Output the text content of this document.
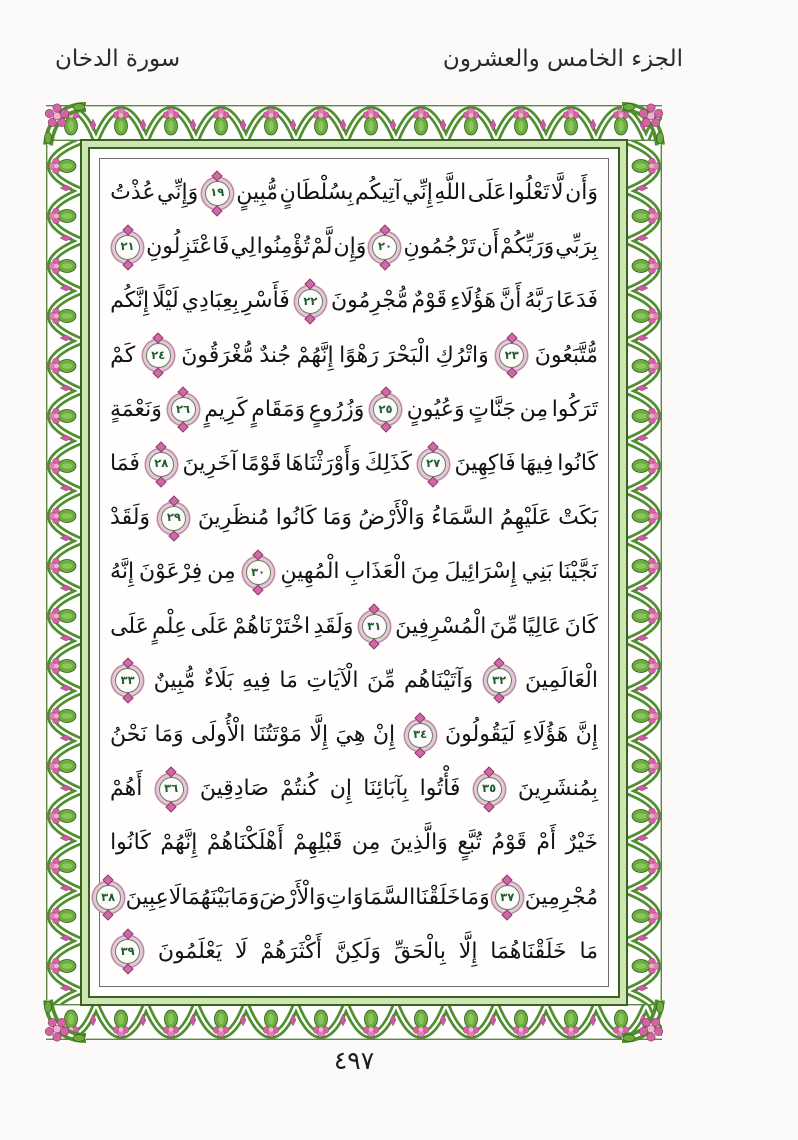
الجزء الخامس والعشرون
سورة الدخان
وَأَن
لَّا
تَعْلُوا
عَلَى
اللَّهِ
إِنِّي
آتِيكُم
بِسُلْطَانٍ
مُّبِينٍ
١٩
وَإِنِّي
عُذْتُ
بِرَبِّي
وَرَبِّكُمْ
أَن
تَرْجُمُونِ
٢٠
وَإِن
لَّمْ
تُؤْمِنُوا
لِي
فَاعْتَزِلُونِ
٢١
فَدَعَا
رَبَّهُ
أَنَّ
هَؤُلَاءِ
قَوْمٌ
مُّجْرِمُونَ
٢٢
فَأَسْرِ
بِعِبَادِي
لَيْلًا
إِنَّكُم
مُّتَّبَعُونَ
٢٣
وَاتْرُكِ
الْبَحْرَ
رَهْوًا
إِنَّهُمْ
جُندٌ
مُّغْرَقُونَ
٢٤
كَمْ
تَرَكُوا
مِن
جَنَّاتٍ
وَعُيُونٍ
٢٥
وَزُرُوعٍ
وَمَقَامٍ
كَرِيمٍ
٢٦
وَنَعْمَةٍ
كَانُوا
فِيهَا
فَاكِهِينَ
٢٧
كَذَلِكَ
وَأَوْرَثْنَاهَا
قَوْمًا
آخَرِينَ
٢٨
فَمَا
بَكَتْ
عَلَيْهِمُ
السَّمَاءُ
وَالْأَرْضُ
وَمَا
كَانُوا
مُنظَرِينَ
٢٩
وَلَقَدْ
نَجَّيْنَا
بَنِي
إِسْرَائِيلَ
مِنَ
الْعَذَابِ
الْمُهِينِ
٣٠
مِن
فِرْعَوْنَ
إِنَّهُ
كَانَ
عَالِيًا
مِّنَ
الْمُسْرِفِينَ
٣١
وَلَقَدِ
اخْتَرْنَاهُمْ
عَلَى
عِلْمٍ
عَلَى
الْعَالَمِينَ
٣٢
وَآتَيْنَاهُم
مِّنَ
الْآيَاتِ
مَا
فِيهِ
بَلَاءٌ
مُّبِينٌ
٣٣
إِنَّ
هَؤُلَاءِ
لَيَقُولُونَ
٣٤
إِنْ
هِيَ
إِلَّا
مَوْتَتُنَا
الْأُولَى
وَمَا
نَحْنُ
بِمُنشَرِينَ
٣٥
فَأْتُوا
بِآبَائِنَا
إِن
كُنتُمْ
صَادِقِينَ
٣٦
أَهُمْ
خَيْرٌ
أَمْ
قَوْمُ
تُبَّعٍ
وَالَّذِينَ
مِن
قَبْلِهِمْ
أَهْلَكْنَاهُمْ
إِنَّهُمْ
كَانُوا
مُجْرِمِينَ
٣٧
وَمَا
خَلَقْنَا
السَّمَاوَاتِ
وَالْأَرْضَ
وَمَا
بَيْنَهُمَا
لَاعِبِينَ
٣٨
مَا
خَلَقْنَاهُمَا
إِلَّا
بِالْحَقِّ
وَلَكِنَّ
أَكْثَرَهُمْ
لَا
يَعْلَمُونَ
٣٩
٤٩٧
